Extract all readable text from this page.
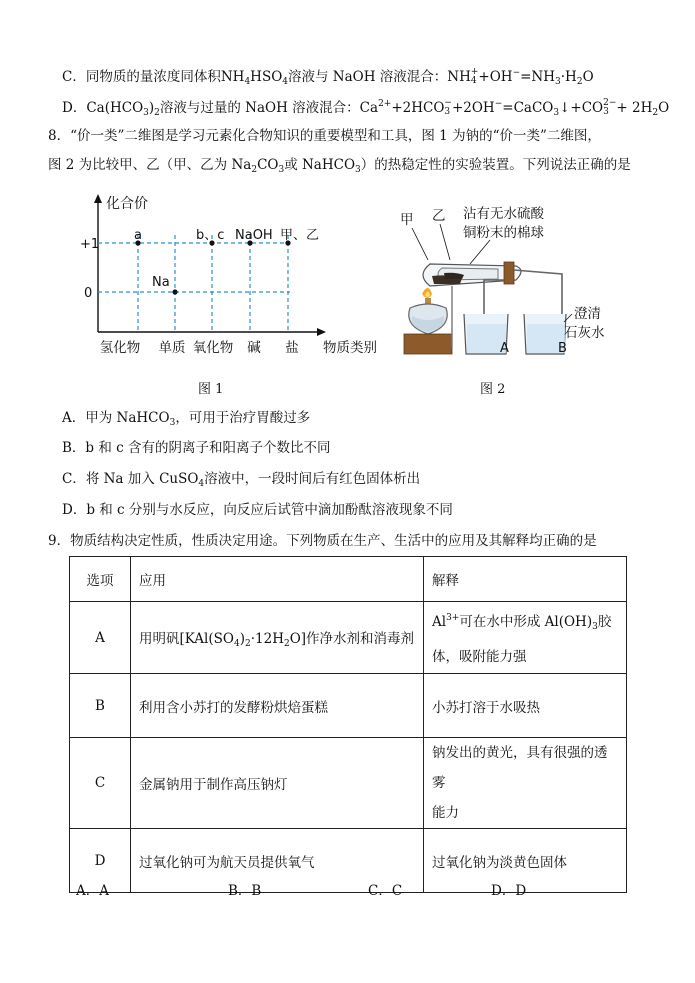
C．同物质的量浓度同体积$NH_4HSO_4$溶液与 NaOH 溶液混合：NH +
$4 +OH^-=NH_3\cdot H_2O$
D．$Ca(HCO_3)_2$溶液与过量的 NaOH 溶液混合：$Ca^{2+}+2HCO$ −
3 +2OH−=CaCO$_3$↓+CO 2−
$3 + 2H_2O$
8．“价一类”二维图是学习元素化合物知识的重要模型和工具，图 1 为钠的“价一类”二维图，
图 2 为比较甲、乙（甲、乙为 $Na_2CO_3$或 NaHCO$_3$）的热稳定性的实验装置。下列说法正确的是
化合价
物质类别
+1
0
氢化物 单质 氧化物 碱 盐
a	b、c NaOH 甲、乙
Na
图 1
甲 乙 沾有无水硫酸
铜粉末的棉球
A	B
澄清
石灰水
图 2
A．甲为 NaHCO$_3$，可用于治疗胃酸过多
B．b 和 c 含有的阴离子和阳离子个数比不同
C．将 Na 加入 CuSO$_4$溶液中，一段时间后有红色固体析出
D．b 和 c 分别与水反应，向反应后试管中滴加酚酞溶液现象不同
9．物质结构决定性质，性质决定用途。下列物质在生产、生活中的应用及其解释均正确的是
选项	应用	解释
A	用明矾$[KAl(SO_4)_2\cdot 12H_2O]$作净水剂和消毒剂	$Al^{3+}$可在水中形成 $Al(OH)_3$胶
体，吸附能力强

B	利用含小苏打的发酵粉烘焙蛋糕	小苏打溶于水吸热
C	金属钠用于制作高压钠灯	钠发出的黄光，具有很强的透雾
能力

D	过氧化钠可为航天员提供氧气	过氧化钠为淡黄色固体
A．A	B．B	C．C	D．D
